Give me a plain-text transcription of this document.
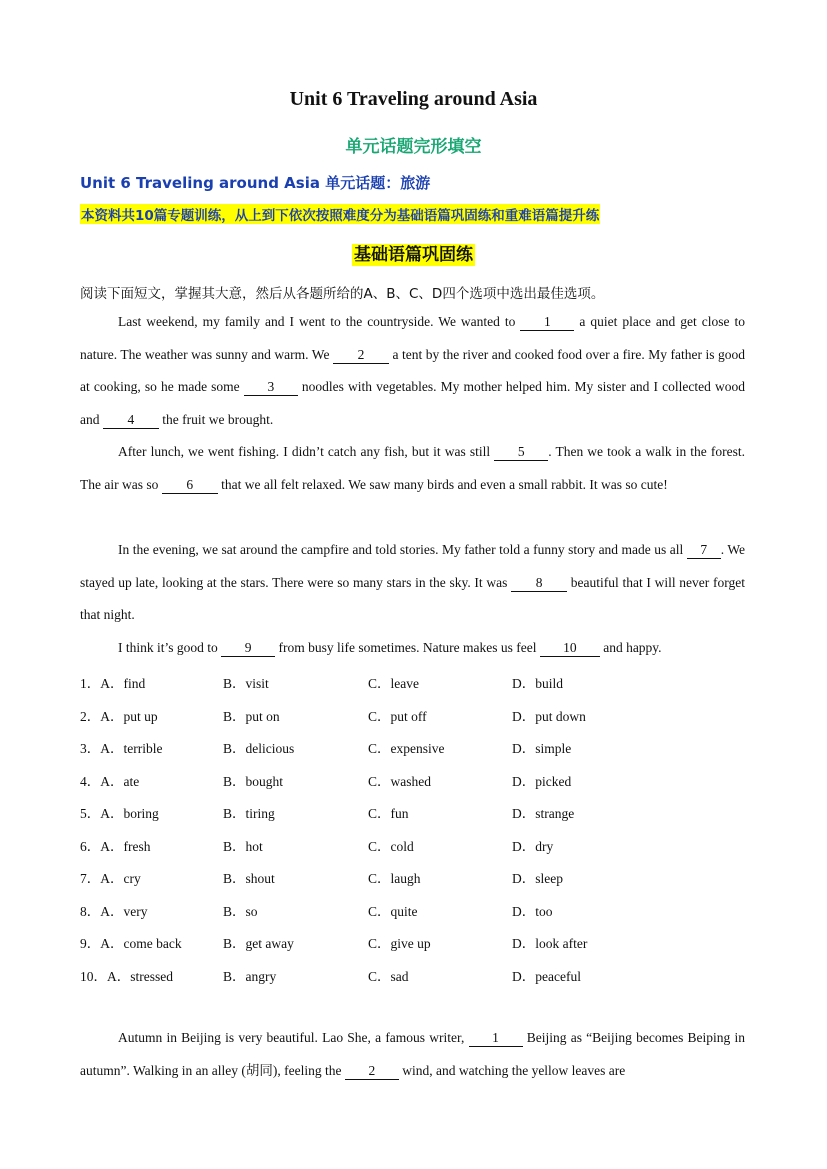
Unit 6 Traveling around Asia
单元话题完形填空
Unit 6 Traveling around Asia 单元话题：旅游
本资料共10篇专题训练，从上到下依次按照难度分为基础语篇巩固练和重难语篇提升练
基础语篇巩固练
阅读下面短文，掌握其大意，然后从各题所给的A、B、C、D四个选项中选出最佳选项。

Last weekend, my family and I went to the countryside. We wanted to 1 a quiet place and get close to nature. The weather was sunny and warm. We 2 a tent by the river and cooked food over a fire. My father is good at cooking, so he made some 3 noodles with vegetables. My mother helped him. My sister and I collected wood and 4 the fruit we brought.

After lunch, we went fishing. I didn’t catch any fish, but it was still 5 . Then we took a walk in the forest. The air was so 6 that we all felt relaxed. We saw many birds and even a small rabbit. It was so cute!

In the evening, we sat around the campfire and told stories. My father told a funny story and made us all 7 . We stayed up late, looking at the stars. There were so many stars in the sky. It was 8 beautiful that I will never forget that night.

I think it’s good to 9 from busy life sometimes. Nature makes us feel 10 and happy.

1．A．find	B．visit	C．leave	D．build
2．A．put up	B．put on	C．put off	D．put down
3．A．terrible	B．delicious	C．expensive	D．simple
4．A．ate	B．bought	C．washed	D．picked
5．A．boring	B．tiring	C．fun	D．strange
6．A．fresh	B．hot	C．cold	D．dry
7．A．cry	B．shout	C．laugh	D．sleep
8．A．very	B．so	C．quite	D．too
9．A．come back	B．get away	C．give up	D．look after
10．A．stressed	B．angry	C．sad	D．peaceful

Autumn in Beijing is very beautiful. Lao She, a famous writer, 1 Beijing as “Beijing becomes Beiping in autumn”. Walking in an alley (胡同), feeling the 2 wind, and watching the yellow leaves are
